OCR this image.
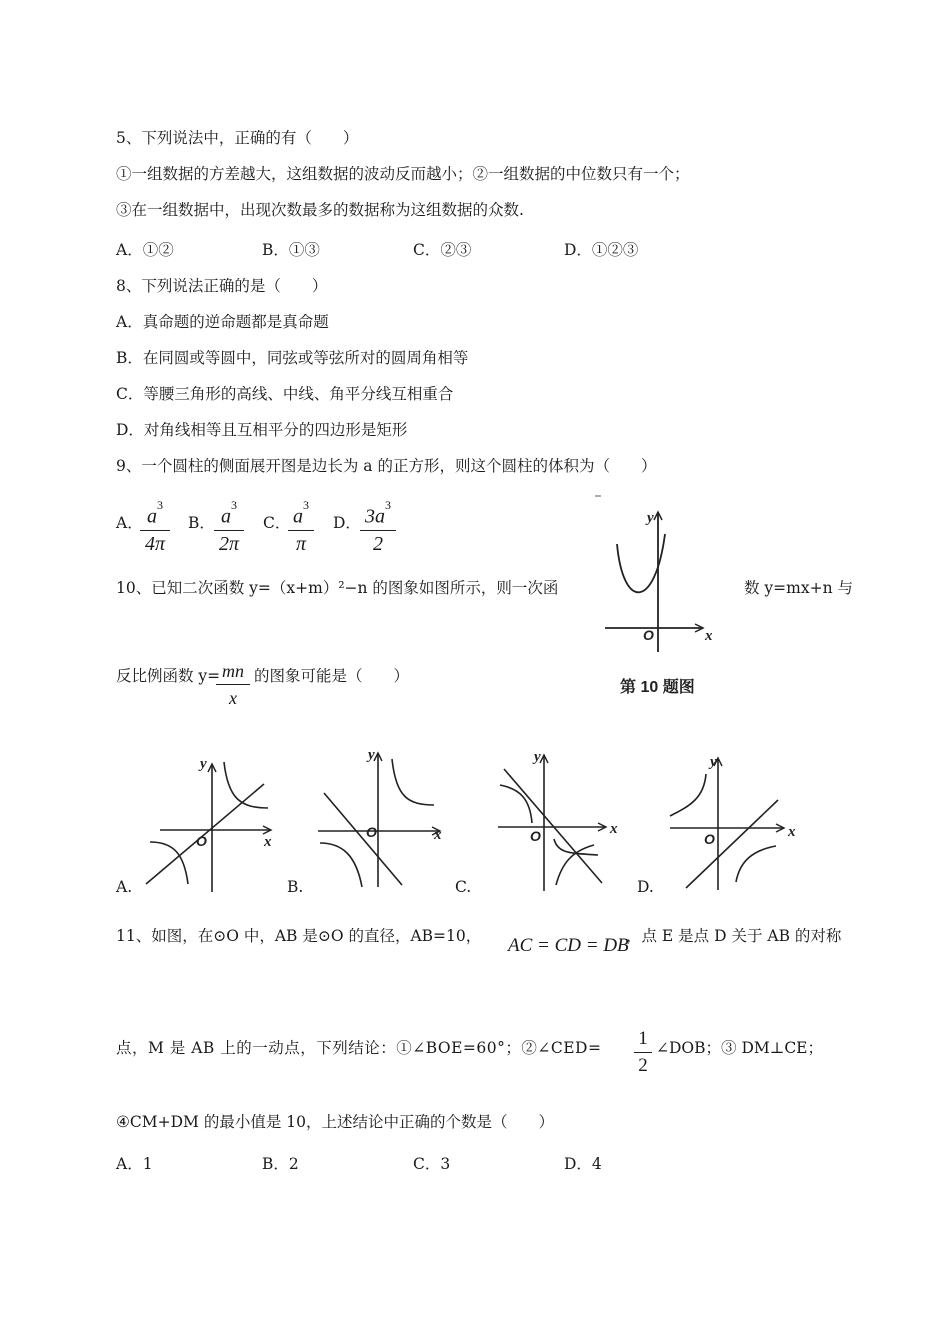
5、下列说法中，正确的有（　　）
①一组数据的方差越大，这组数据的波动反而越小；②一组数据的中位数只有一个；
③在一组数据中，出现次数最多的数据称为这组数据的众数.
A．①②	B．①③	C．②③	D．①②③
8、下列说法正确的是（　　）
A．真命题的逆命题都是真命题
B．在同圆或等圆中，同弦或等弦所对的圆周角相等
C．等腰三角形的高线、中线、角平分线互相重合
D．对角线相等且互相平分的四边形是矩形
9、一个圆柱的侧面展开图是边长为 a 的正方形，则这个圆柱的体积为（　　）
A． $a^3$
4π
B． $a^3$
2π
C． $a^3$
π
D． $3a^3$
2
10、已知二次函数 y=（x+m）²−n 的图象如图所示，则一次函	数 y=mx+n 与
反比例函数 y= mn
x
的图象可能是（　　）
x
y
O
第 10 题图
x
y
O
A.
x
y
O
B.
x
y
O
C.
x
y
O
D.
11、如图，在⊙O 中，AB 是⊙O 的直径，AB=10， AC = CD = DB
，点 E 是点 D 关于 AB 的对称
点，M 是 AB 上的一动点，下列结论：①∠BOE=60°；②∠CED= 1
2
∠DOB；③ DM⊥CE；
④CM+DM 的最小值是 10，上述结论中正确的个数是（　　）
A．1	B．2	C．3	D．4
